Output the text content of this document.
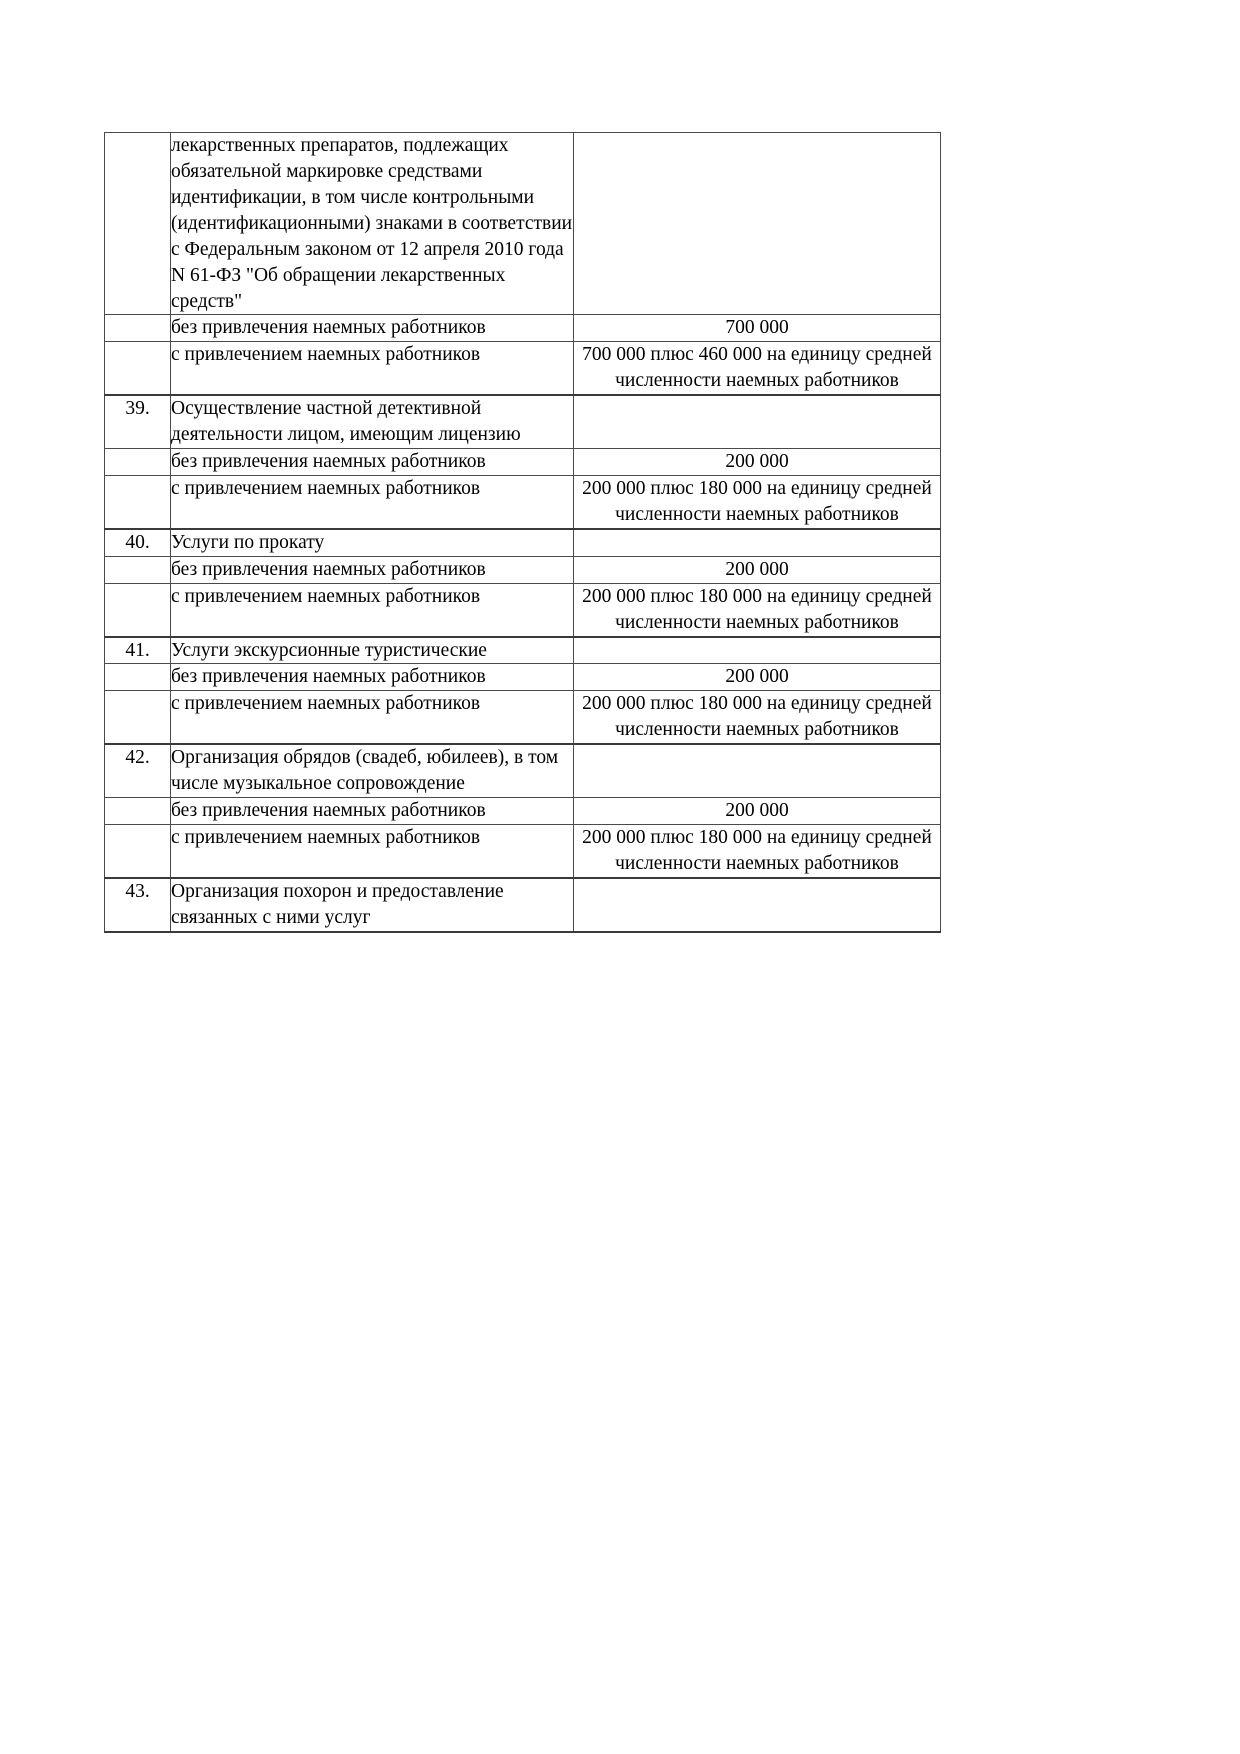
	лекарственных препаратов, подлежащих обязательной маркировке средствами идентификации, в том числе контрольными (идентификационными) знаками в соответствии с Федеральным законом от 12 апреля 2010 года N 61-ФЗ "Об обращении лекарственных средств"	
	без привлечения наемных работников	700 000
	с привлечением наемных работников	700 000 плюс 460 000 на единицу средней численности наемных работников
39.	Осуществление частной детективной деятельности лицом, имеющим лицензию	
	без привлечения наемных работников	200 000
	с привлечением наемных работников	200 000 плюс 180 000 на единицу средней численности наемных работников
40.	Услуги по прокату	
	без привлечения наемных работников	200 000
	с привлечением наемных работников	200 000 плюс 180 000 на единицу средней численности наемных работников
41.	Услуги экскурсионные туристические	
	без привлечения наемных работников	200 000
	с привлечением наемных работников	200 000 плюс 180 000 на единицу средней численности наемных работников
42.	Организация обрядов (свадеб, юбилеев), в том числе музыкальное сопровождение	
	без привлечения наемных работников	200 000
	с привлечением наемных работников	200 000 плюс 180 000 на единицу средней численности наемных работников
43.	Организация похорон и предоставление связанных с ними услуг	
